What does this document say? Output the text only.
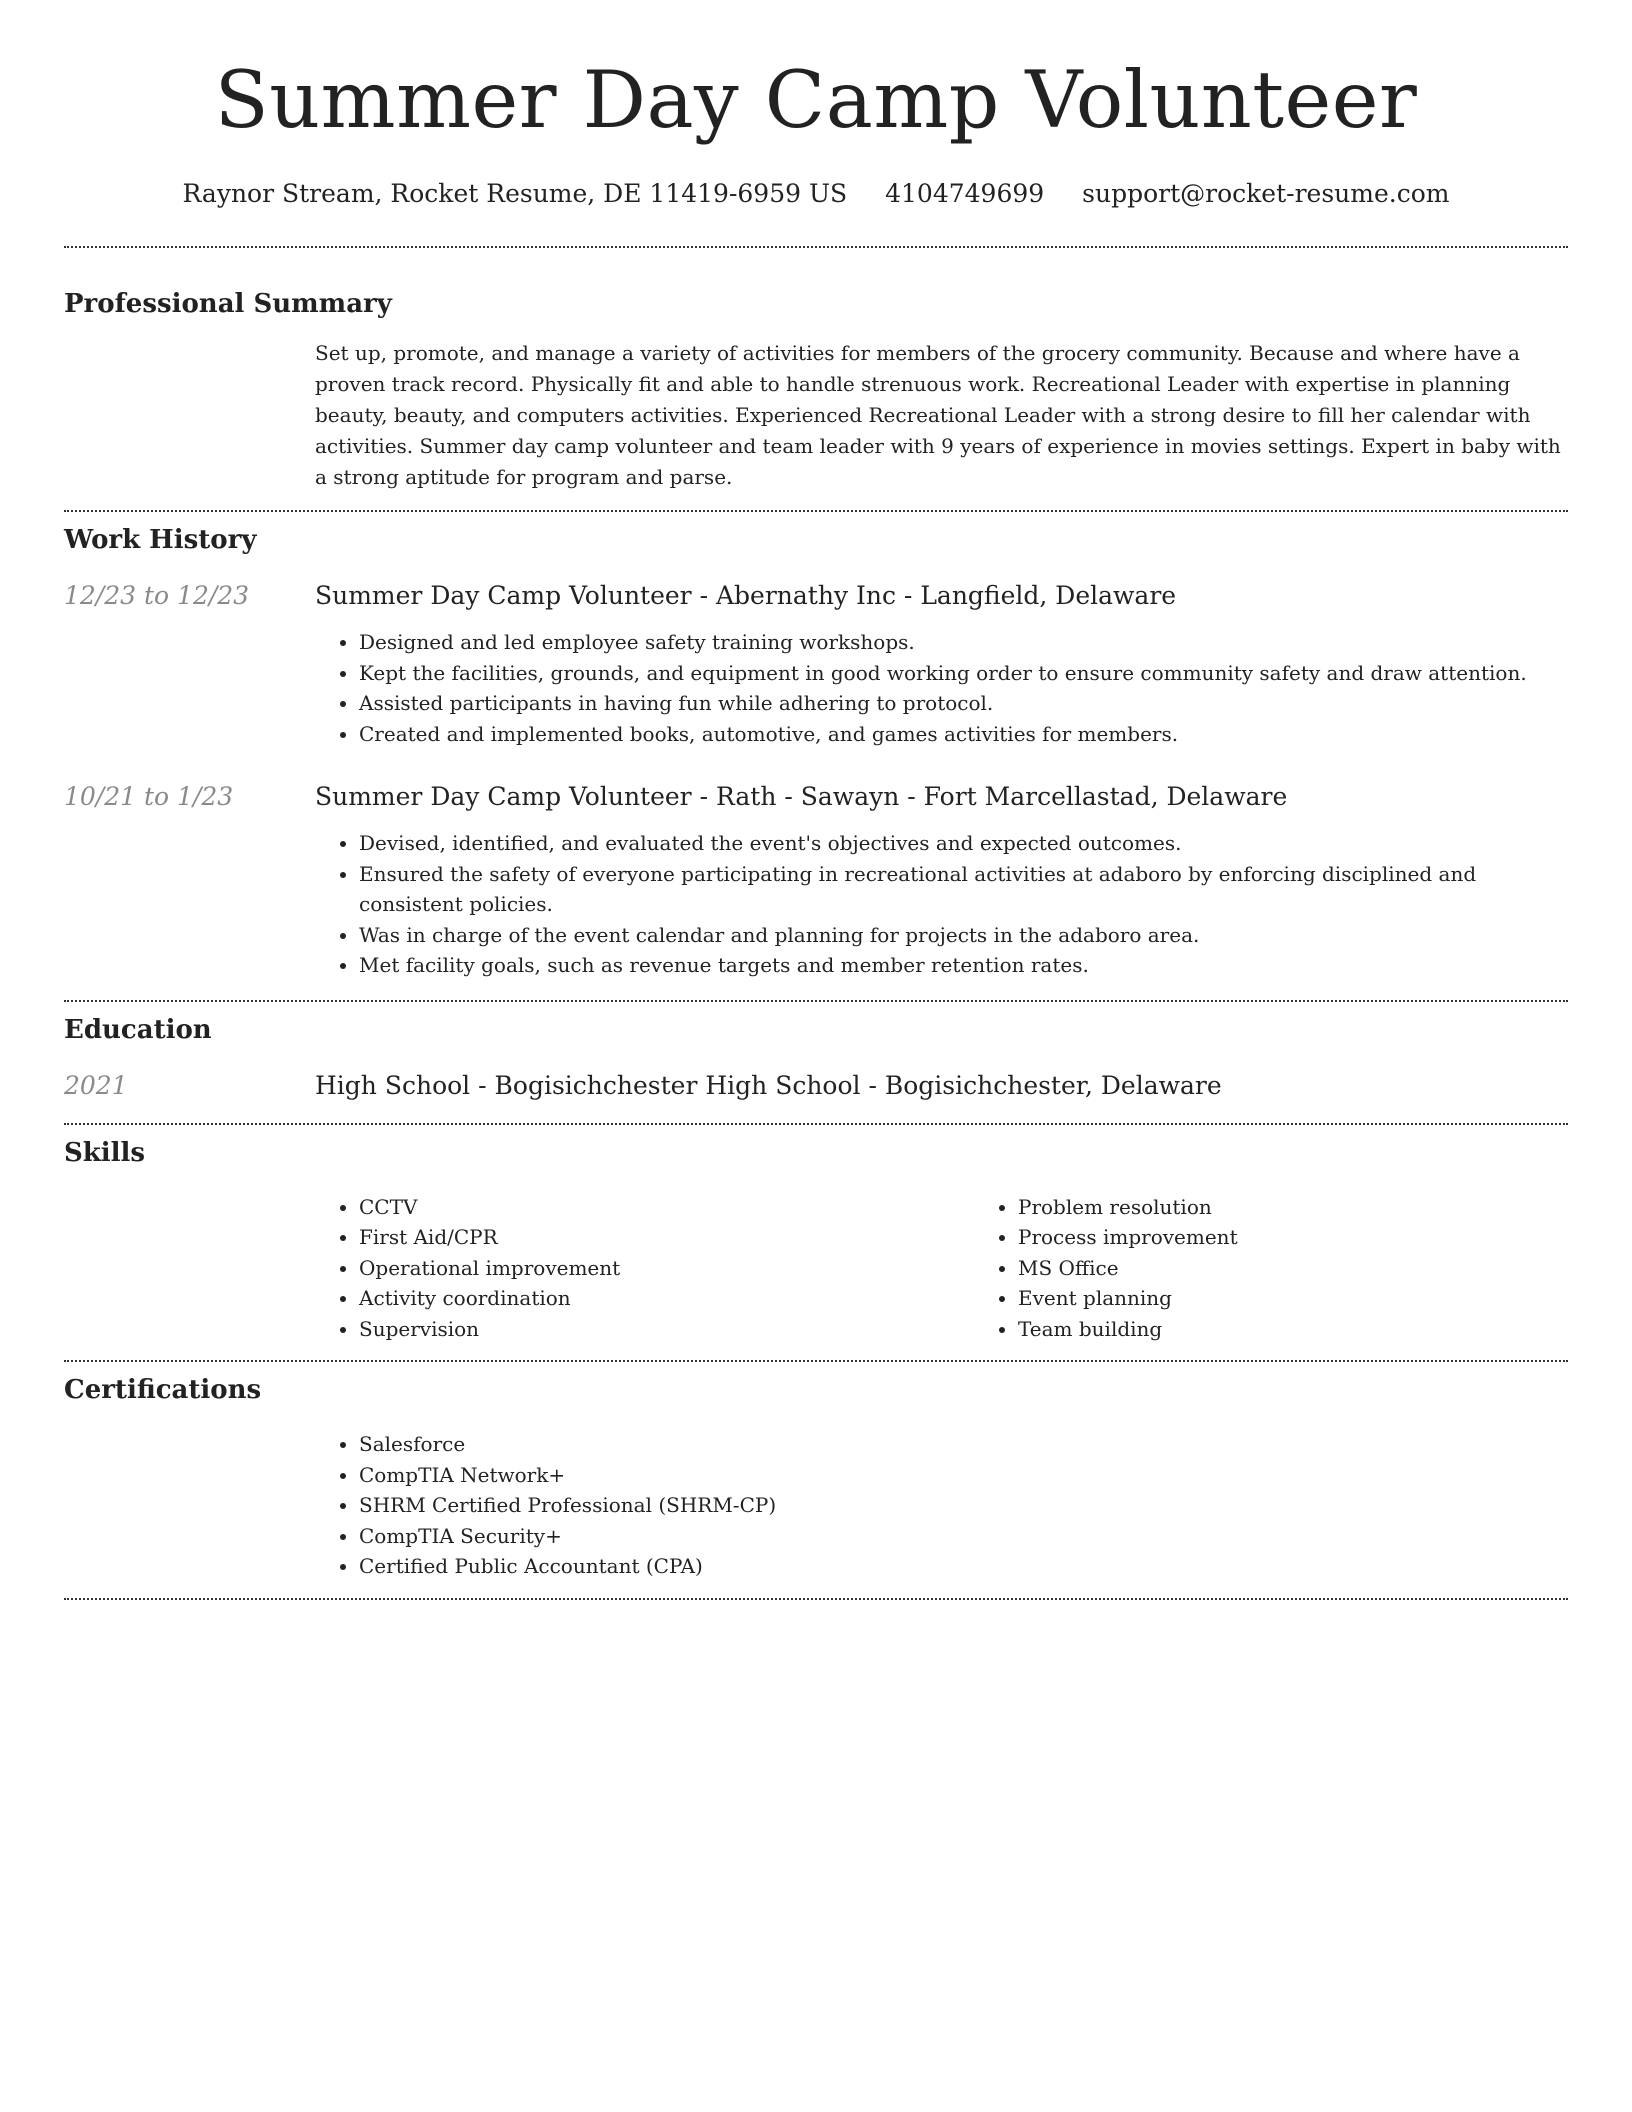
Summer Day Camp Volunteer
Raynor Stream, Rocket Resume, DE 11419-6959 US 4104749699 support@rocket-resume.com
Professional Summary

Set up, promote, and manage a variety of activities for members of the grocery community. Because and where have a proven track record. Physically fit and able to handle strenuous work. Recreational Leader with expertise in planning beauty, beauty, and computers activities. Experienced Recreational Leader with a strong desire to fill her calendar with activities. Summer day camp volunteer and team leader with 9 years of experience in movies settings. Expert in baby with a strong aptitude for program and parse.

Work History
12/23 to 12/23	Summer Day Camp Volunteer - Abernathy Inc - Langfield, Delaware
• Designed and led employee safety training workshops.
• Kept the facilities, grounds, and equipment in good working order to ensure community safety and draw attention.
• Assisted participants in having fun while adhering to protocol.
• Created and implemented books, automotive, and games activities for members.
10/21 to 1/23	Summer Day Camp Volunteer - Rath - Sawayn - Fort Marcellastad, Delaware
• Devised, identified, and evaluated the event's objectives and expected outcomes.
• Ensured the safety of everyone participating in recreational activities at adaboro by enforcing disciplined and consistent policies.
• Was in charge of the event calendar and planning for projects in the adaboro area.
• Met facility goals, such as revenue targets and member retention rates.
Education
2021	High School - Bogisichchester High School - Bogisichchester, Delaware
Skills
• CCTV
• First Aid/CPR
• Operational improvement
• Activity coordination
• Supervision
• Problem resolution
• Process improvement
• MS Office
• Event planning
• Team building
Certifications
• Salesforce
• CompTIA Network+
• SHRM Certified Professional (SHRM-CP)
• CompTIA Security+
• Certified Public Accountant (CPA)
